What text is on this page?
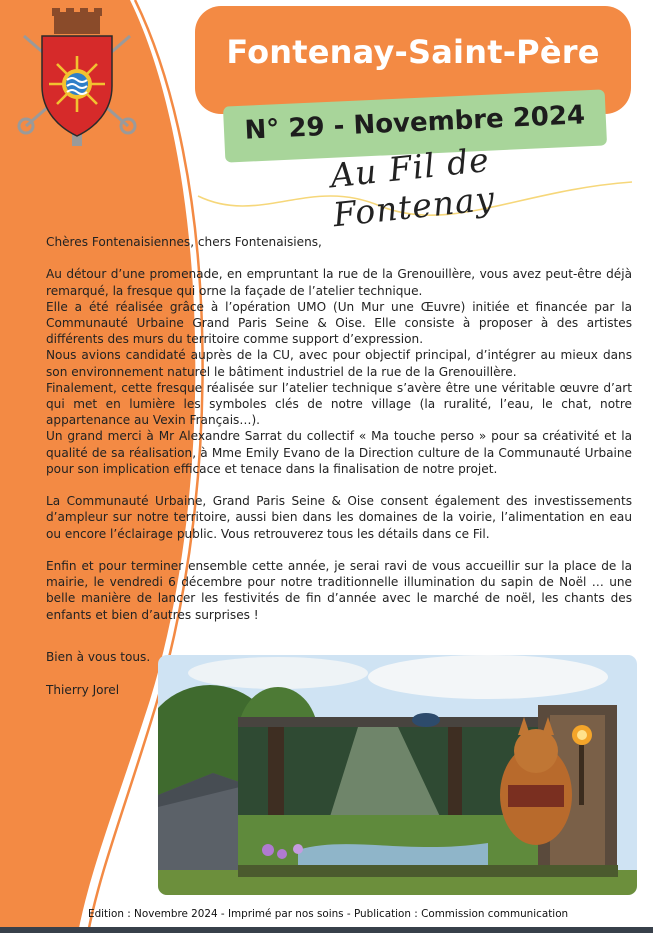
Fontenay-Saint-Père
N° 29 - Novembre 2024
Au Fil de Fontenay

Chères Fontenaisiennes, chers Fontenaisiens,

Au détour d’une promenade, en empruntant la rue de la Grenouillère, vous avez peut-être déjà remarqué, la fresque qui orne la façade de l’atelier technique.

Elle a été réalisée grâce à l’opération UMO (Un Mur une Œuvre) initiée et financée par la Communauté Urbaine Grand Paris Seine & Oise. Elle consiste à proposer à des artistes différents des murs du territoire comme support d’expression.

Nous avions candidaté auprès de la CU, avec pour objectif principal, d’intégrer au mieux dans son environnement naturel le bâtiment industriel de la rue de la Grenouillère.

Finalement, cette fresque réalisée sur l’atelier technique s’avère être une véritable œuvre d’art qui met en lumière les symboles clés de notre village (la ruralité, l’eau, le chat, notre appartenance au Vexin Français…).

Un grand merci à Mr Alexandre Sarrat du collectif « Ma touche perso » pour sa créativité et la qualité de sa réalisation, à Mme Emily Evano de la Direction culture de la Communauté Urbaine pour son implication efficace et tenace dans la finalisation de notre projet.

La Communauté Urbaine, Grand Paris Seine & Oise consent également des investissements d’ampleur sur notre territoire, aussi bien dans les domaines de la voirie, l’alimentation en eau ou encore l’éclairage public. Vous retrouverez tous les détails dans ce Fil.

Enfin et pour terminer ensemble cette année, je serai ravi de vous accueillir sur la place de la mairie, le vendredi 6 décembre pour notre traditionnelle illumination du sapin de Noël … une belle manière de lancer les festivités de fin d’année avec le marché de noël, les chants des enfants et bien d’autres surprises !

Bien à vous tous.
Thierry Jorel
Edition : Novembre 2024 - Imprimé par nos soins - Publication : Commission communication
